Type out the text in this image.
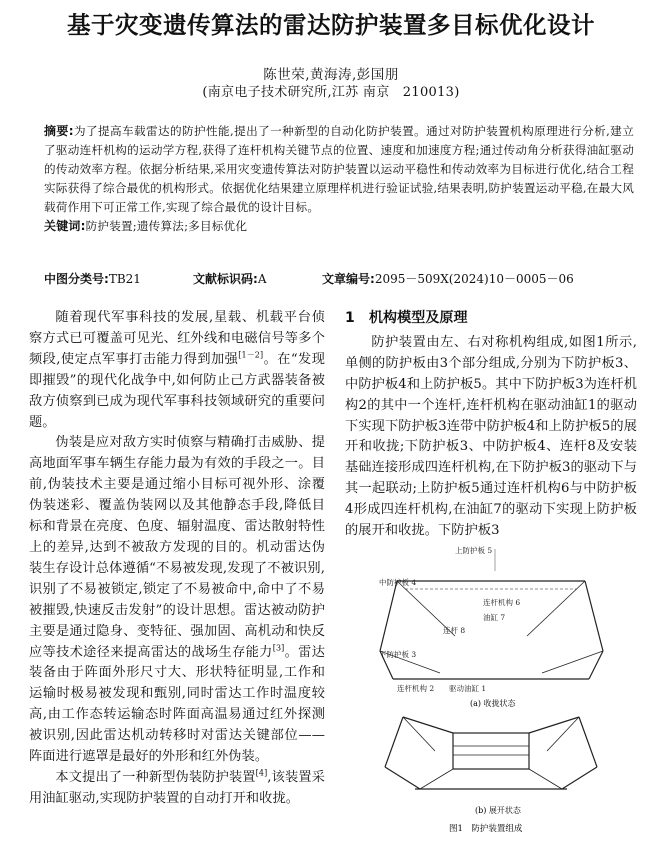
基于灾变遗传算法的雷达防护装置多目标优化设计
陈世荣,黄海涛,彭国朋
(南京电子技术研究所,江苏 南京　210013)
摘要:为了提高车载雷达的防护性能,提出了一种新型的自动化防护装置。通过对防护装置机构原理进行分析,建立了驱动连杆机构的运动学方程,获得了连杆机构关键节点的位置、速度和加速度方程;通过传动角分析获得油缸驱动的传动效率方程。依据分析结果,采用灾变遗传算法对防护装置以运动平稳性和传动效率为目标进行优化,结合工程实际获得了综合最优的机构形式。依据优化结果建立原理样机进行验证试验,结果表明,防护装置运动平稳,在最大风载荷作用下可正常工作,实现了综合最优的设计目标。
关键词:防护装置;遗传算法;多目标优化
中图分类号:TB21	文献标识码:A	文章编号:2095－509X(2024)10－0005－06

随着现代军事科技的发展,星载、机载平台侦察方式已可覆盖可见光、红外线和电磁信号等多个频段,使定点军事打击能力得到加强[1－2]。在“发现即摧毁”的现代化战争中,如何防止己方武器装备被敌方侦察到已成为现代军事科技领域研究的重要问题。

伪装是应对敌方实时侦察与精确打击威胁、提高地面军事车辆生存能力最为有效的手段之一。目前,伪装技术主要是通过缩小目标可视外形、涂覆伪装迷彩、覆盖伪装网以及其他静态手段,降低目标和背景在亮度、色度、辐射温度、雷达散射特性上的差异,达到不被敌方发现的目的。机动雷达伪装生存设计总体遵循“不易被发现,发现了不被识别,识别了不易被锁定,锁定了不易被命中,命中了不易被摧毁,快速反击发射”的设计思想。雷达被动防护主要是通过隐身、变特征、强加固、高机动和快反应等技术途径来提高雷达的战场生存能力[3]。雷达装备由于阵面外形尺寸大、形状特征明显,工作和运输时极易被发现和甄别,同时雷达工作时温度较高,由工作态转运输态时阵面高温易通过红外探测被识别,因此雷达机动转移时对雷达关键部位——阵面进行遮罩是最好的外形和红外伪装。

本文提出了一种新型伪装防护装置[4],该装置采用油缸驱动,实现防护装置的自动打开和收拢。

1　机构模型及原理

防护装置由左、右对称机构组成,如图1所示,单侧的防护板由3个部分组成,分别为下防护板3、中防护板4和上防护板5。其中下防护板3为连杆机构2的其中一个连杆,连杆机构在驱动油缸1的驱动下实现下防护板3连带中防护板4和上防护板5的展开和收拢;下防护板3、中防护板4、连杆8及安装基础连接形成四连杆机构,在下防护板3的驱动下与其一起联动;上防护板5通过连杆机构6与中防护板4形成四连杆机构,在油缸7的驱动下实现上防护板的展开和收拢。下防护板3

上防护板 5
中防护板 4
连杆机构 6
油缸 7
连杆 8
下防护板 3
连杆机构 2 驱动油缸 1
(a) 收拢状态
(b) 展开状态
图1　防护装置组成
